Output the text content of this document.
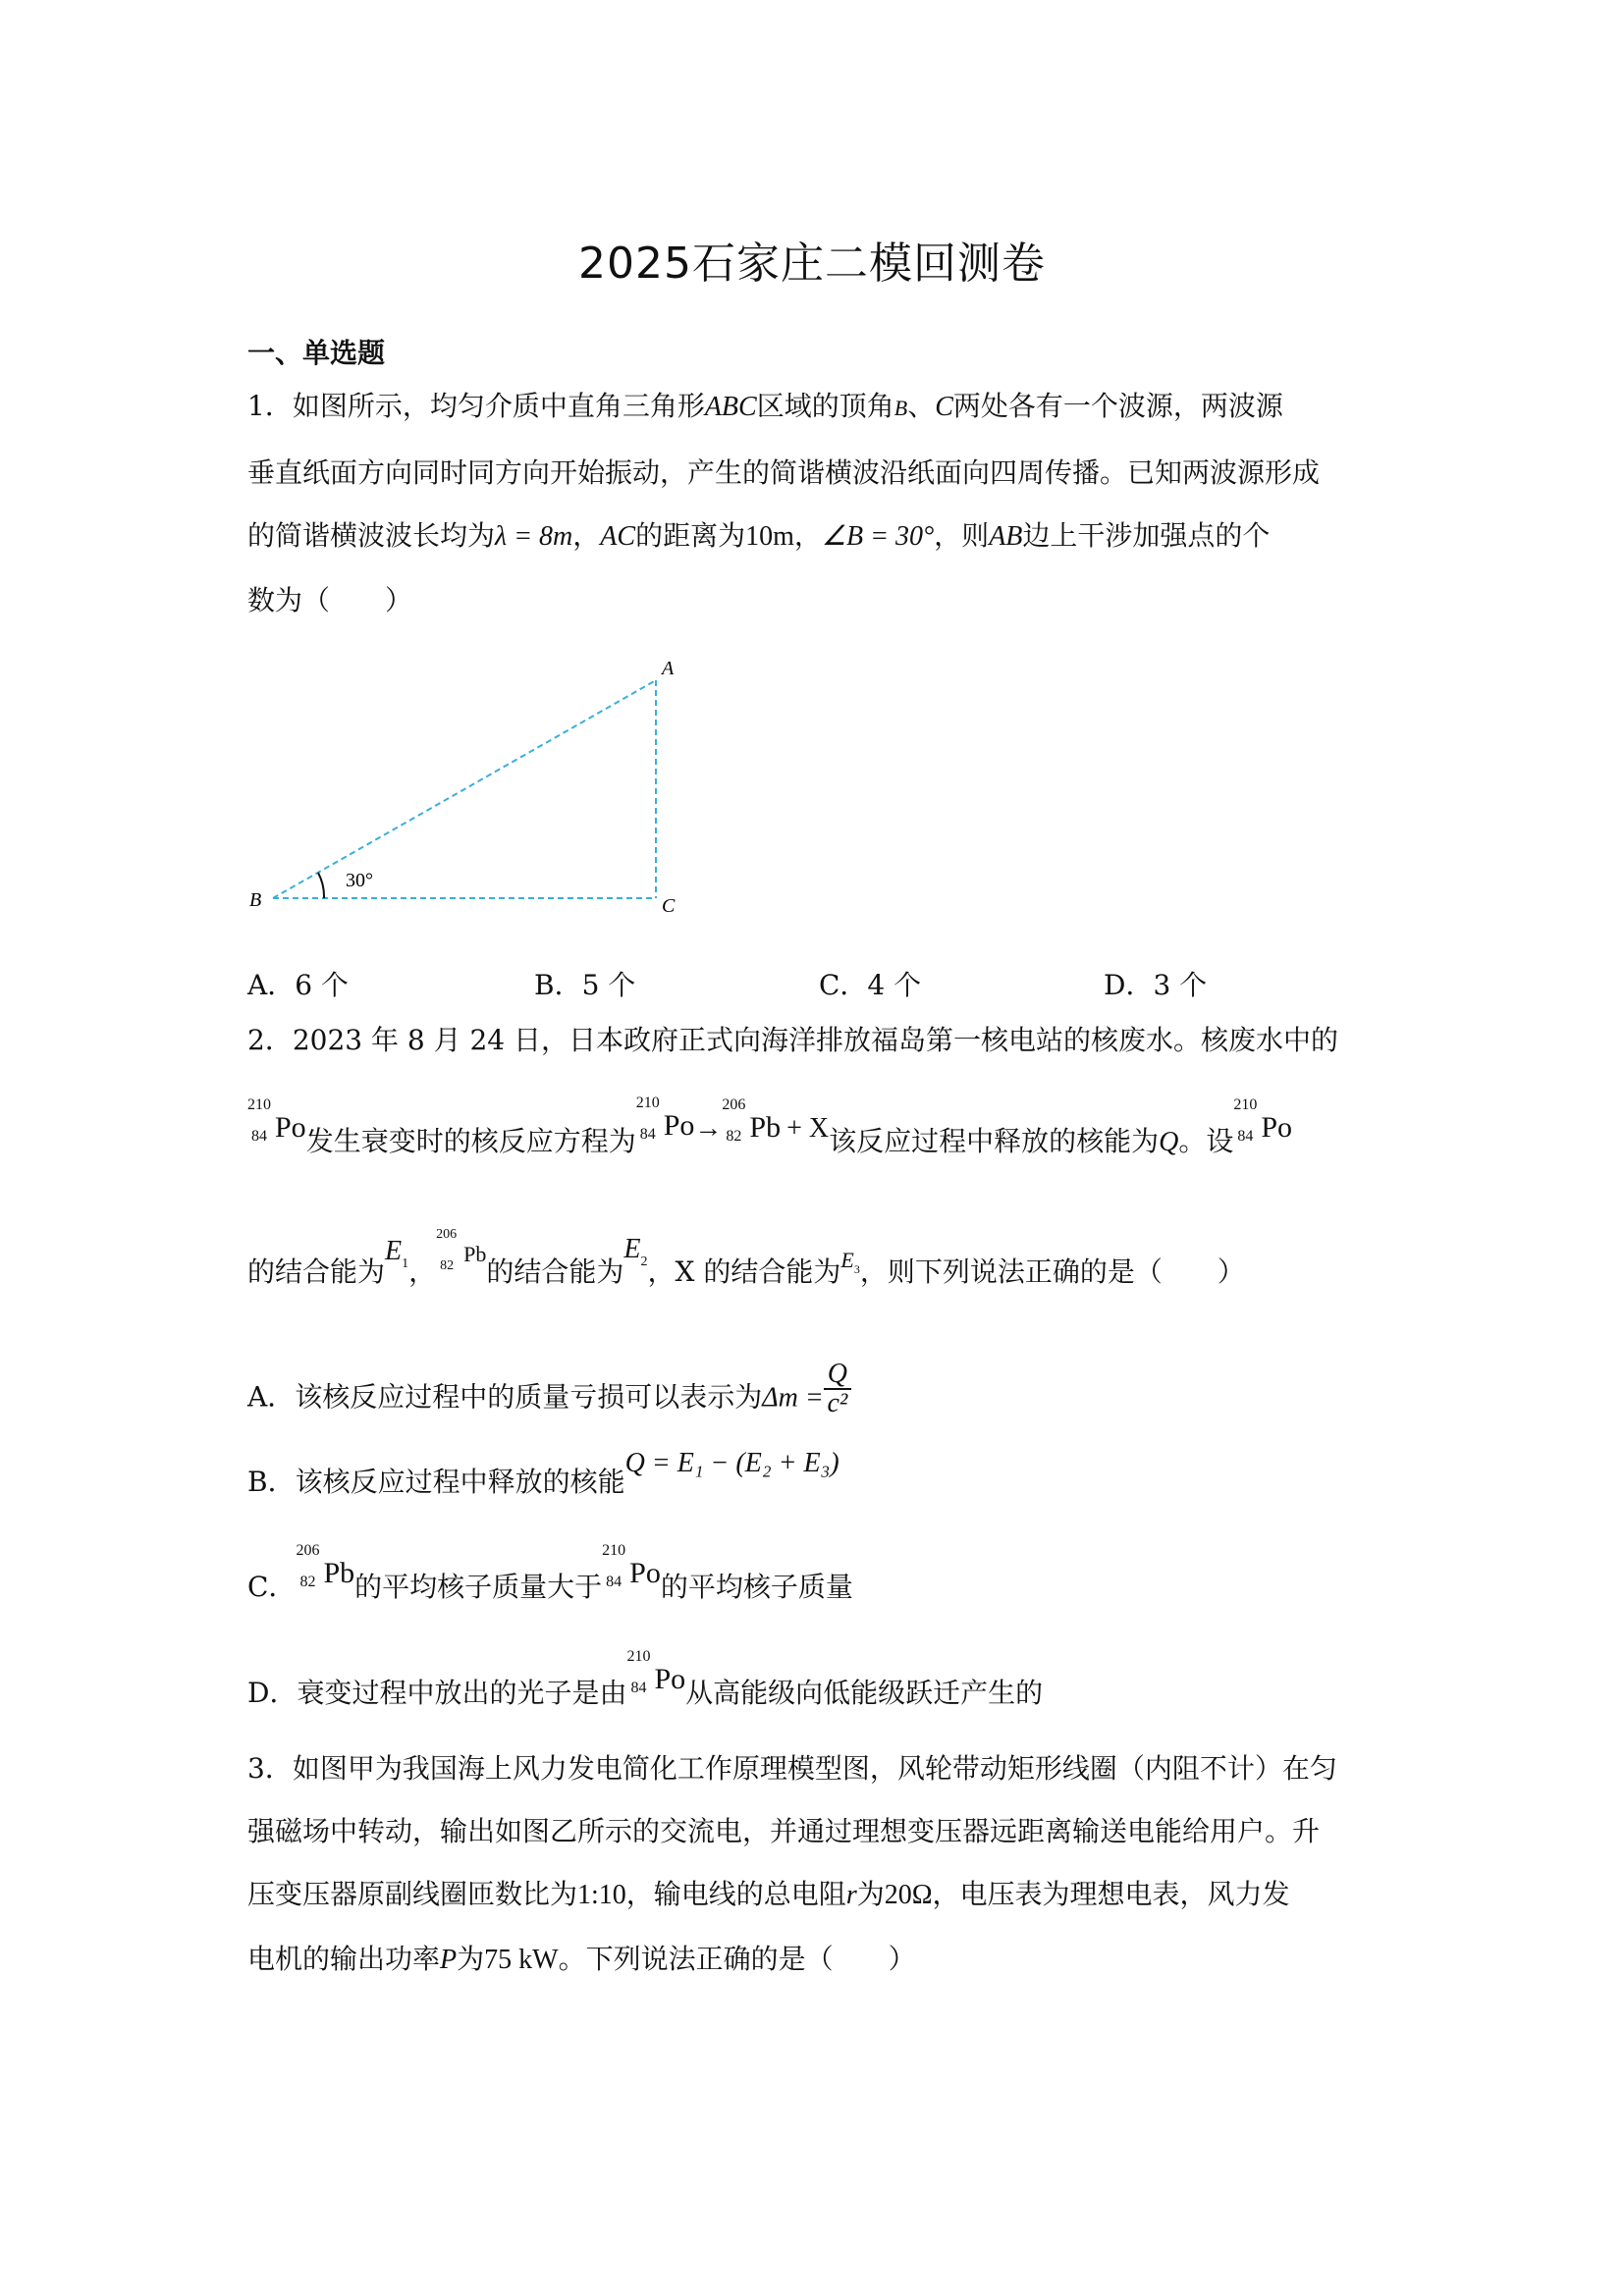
2025石家庄二模回测卷
一、单选题
1．如图所示，均匀介质中直角三角形ABC区域的顶角B、C两处各有一个波源，两波源
垂直纸面方向同时同方向开始振动，产生的简谐横波沿纸面向四周传播。已知两波源形成
的简谐横波波长均为λ = 8m，AC的距离为10m，∠B = 30°，则AB边上干涉加强点的个
数为（　　）
A
B	C
30°
A．6 个	B．5 个	C．4 个	D．3 个
2．2023 年 8 月 24 日，日本政府正式向海洋排放福岛第一核电站的核废水。核废水中的
210
84 Po发生衰变时的核反应方程为
210
84 Po→
206
82 Pb + X该反应过程中释放的核能为Q。设
210
84 Po
的结合能为$E^1$，
206
82 Pb的结合能为$E^2$，X 的结合能为$^{E3}$，则下列说法正确的是（　　）
A．该核反应过程中的质量亏损可以表示为$\Delta m = \frac{Q}{\text{c²}}$
B．该核反应过程中释放的核能Q = E₁ − (E₂ + E₃)
C．
206
82 Pb的平均核子质量大于
210
84 Po的平均核子质量
D．衰变过程中放出的光子是由
210
84 Po从高能级向低能级跃迁产生的
3．如图甲为我国海上风力发电简化工作原理模型图，风轮带动矩形线圈（内阻不计）在匀
强磁场中转动，输出如图乙所示的交流电，并通过理想变压器远距离输送电能给用户。升
压变压器原副线圈匝数比为1:10，输电线的总电阻r为20Ω，电压表为理想电表，风力发
电机的输出功率P为75 kW。下列说法正确的是（　　）
